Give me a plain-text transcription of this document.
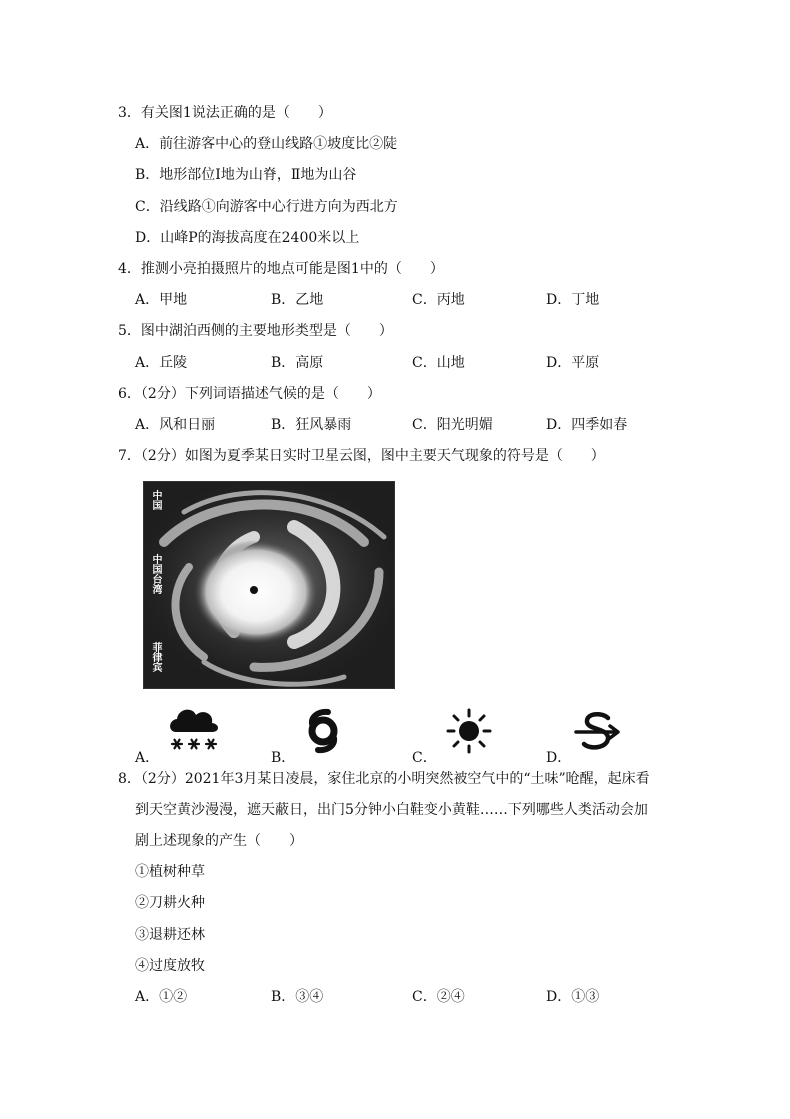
3．有关图1说法正确的是（　　）
A．前往游客中心的登山线路①坡度比②陡
B．地形部位Ⅰ地为山脊，Ⅱ地为山谷
C．沿线路①向游客中心行进方向为西北方
D．山峰P的海拔高度在2400米以上
4．推测小亮拍摄照片的地点可能是图1中的（　　）
A．甲地	B．乙地	C．丙地	D．丁地
5．图中湖泊西侧的主要地形类型是（　　）
A．丘陵	B．高原	C．山地	D．平原
6．（2分）下列词语描述气候的是（　　）
A．风和日丽	B．狂风暴雨	C．阳光明媚	D．四季如春
7．（2分）如图为夏季某日实时卫星云图，图中主要天气现象的符号是（　　）
中国
中国台湾
菲律宾
A．	B．	C．	D．
8．（2分）2021年3月某日凌晨，家住北京的小明突然被空气中的“土味”呛醒，起床看
到天空黄沙漫漫，遮天蔽日，出门5分钟小白鞋变小黄鞋……下列哪些人类活动会加
剧上述现象的产生（　　）
①植树种草
②刀耕火种
③退耕还林
④过度放牧
A．①②	B．③④	C．②④	D．①③
